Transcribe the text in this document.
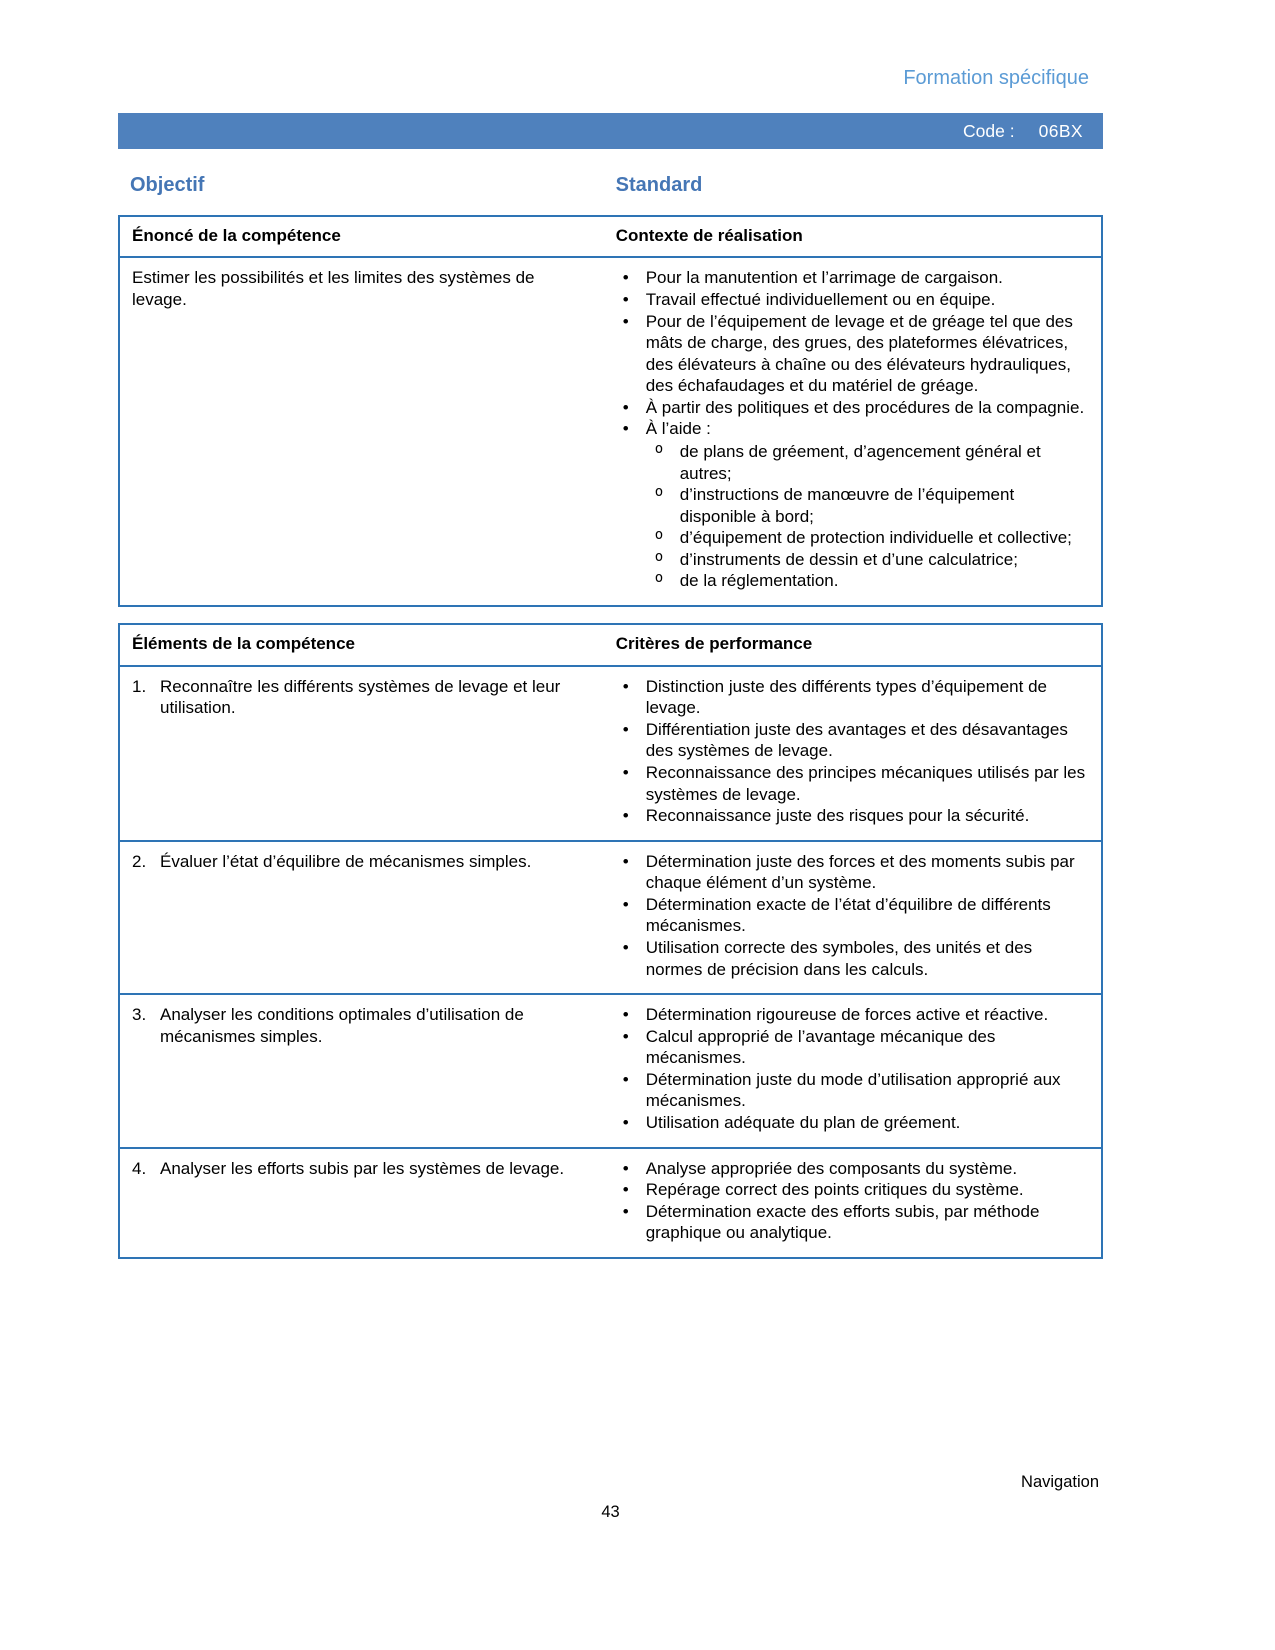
Formation spécifique
Code : 06BX
Objectif	Standard
Énoncé de la compétence	Contexte de réalisation
Estimer les possibilités et les limites des systèmes de levage.
• Pour la manutention et l’arrimage de cargaison.
• Travail effectué individuellement ou en équipe.
• Pour de l’équipement de levage et de gréage tel que des mâts de charge, des grues, des plateformes élévatrices, des élévateurs à chaîne ou des élévateurs hydrauliques, des échafaudages et du matériel de gréage.
• À partir des politiques et des procédures de la compagnie.
• À l’aide :
o de plans de gréement, d’agencement général et autres;
o d’instructions de manœuvre de l’équipement disponible à bord;
o d’équipement de protection individuelle et collective;
o d’instruments de dessin et d’une calculatrice;
o de la réglementation.
Éléments de la compétence	Critères de performance
1. Reconnaître les différents systèmes de levage et leur utilisation.
• Distinction juste des différents types d’équipement de levage.
• Différentiation juste des avantages et des désavantages des systèmes de levage.
• Reconnaissance des principes mécaniques utilisés par les systèmes de levage.
• Reconnaissance juste des risques pour la sécurité.
2. Évaluer l’état d’équilibre de mécanismes simples.	• Détermination juste des forces et des moments subis par chaque élément d’un système.
• Détermination exacte de l’état d’équilibre de différents mécanismes.
• Utilisation correcte des symboles, des unités et des normes de précision dans les calculs.
3. Analyser les conditions optimales d’utilisation de mécanismes simples.
• Détermination rigoureuse de forces active et réactive.
• Calcul approprié de l’avantage mécanique des mécanismes.
• Détermination juste du mode d’utilisation approprié aux mécanismes.
• Utilisation adéquate du plan de gréement.
4. Analyser les efforts subis par les systèmes de levage.	• Analyse appropriée des composants du système.
• Repérage correct des points critiques du système.
• Détermination exacte des efforts subis, par méthode graphique ou analytique.
Navigation
43
